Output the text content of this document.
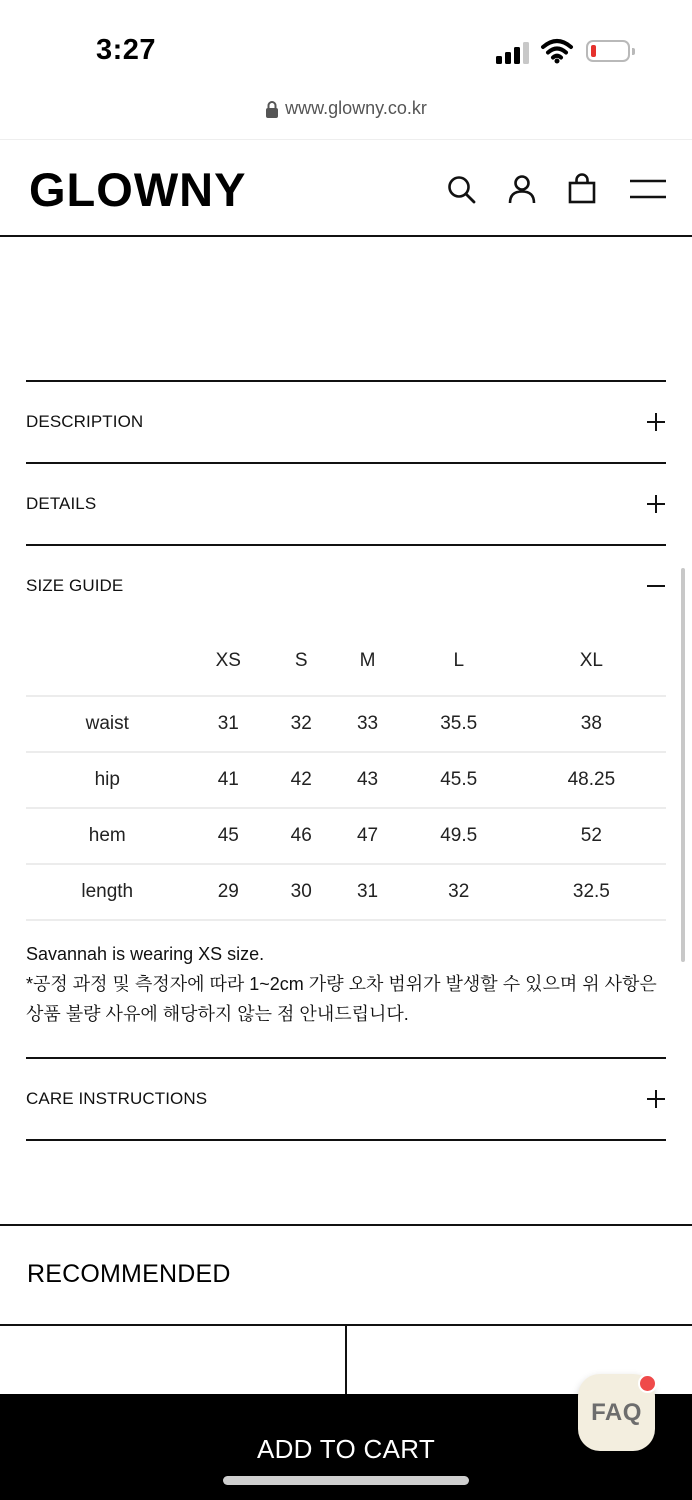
3:27
www.glowny.co.kr
GLOWNY
DESCRIPTION
DETAILS
SIZE GUIDE
	XS	S	M	L	XL
waist	31	32	33	35.5	38
hip	41	42	43	45.5	48.25
hem	45	46	47	49.5	52
length	29	30	31	32	32.5
Savannah is wearing XS size.
*공정 과정 및 측정자에 따라 1~2cm 가량 오차 범위가 발생할 수 있으며 위 사항은 상품 불량 사유에 해당하지 않는 점 안내드립니다.
CARE INSTRUCTIONS
RECOMMENDED
ADD TO CART
FAQ
